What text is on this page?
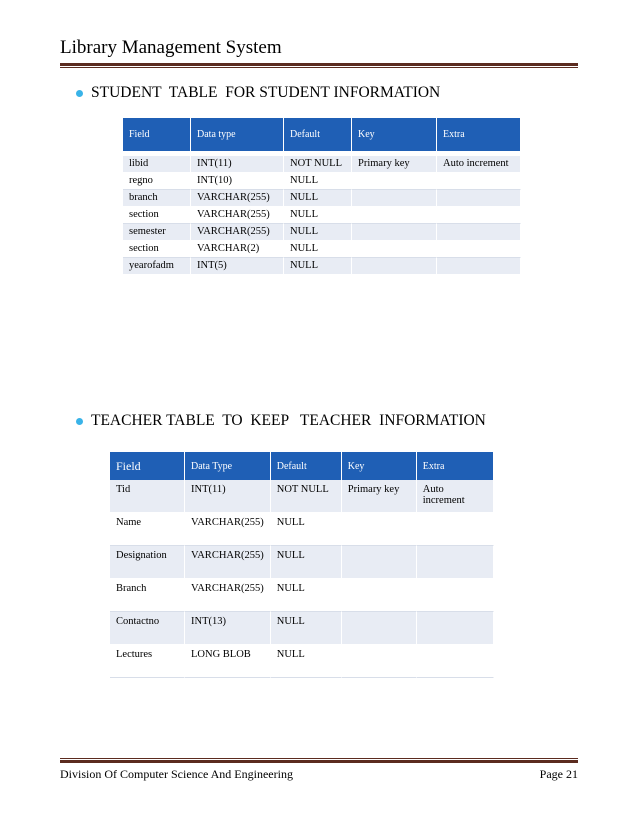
Library Management System
STUDENT  TABLE  FOR STUDENT INFORMATION
Field	Data type	Default	Key	Extra

libid	INT(11)	NOT NULL	Primary key	Auto increment
regno	INT(10)	NULL		
branch	VARCHAR(255)	NULL		
section	VARCHAR(255)	NULL		
semester	VARCHAR(255)	NULL		
section	VARCHAR(2)	NULL		
yearofadm	INT(5)	NULL		
TEACHER TABLE  TO  KEEP   TEACHER  INFORMATION
Field	Data Type	Default	Key	Extra
Tid	INT(11)	NOT NULL	Primary key	Auto increment
Name	VARCHAR(255)	NULL		
Designation	VARCHAR(255)	NULL		
Branch	VARCHAR(255)	NULL		
Contactno	INT(13)	NULL		
Lectures	LONG BLOB	NULL		
Division Of Computer Science And Engineering	Page 21
